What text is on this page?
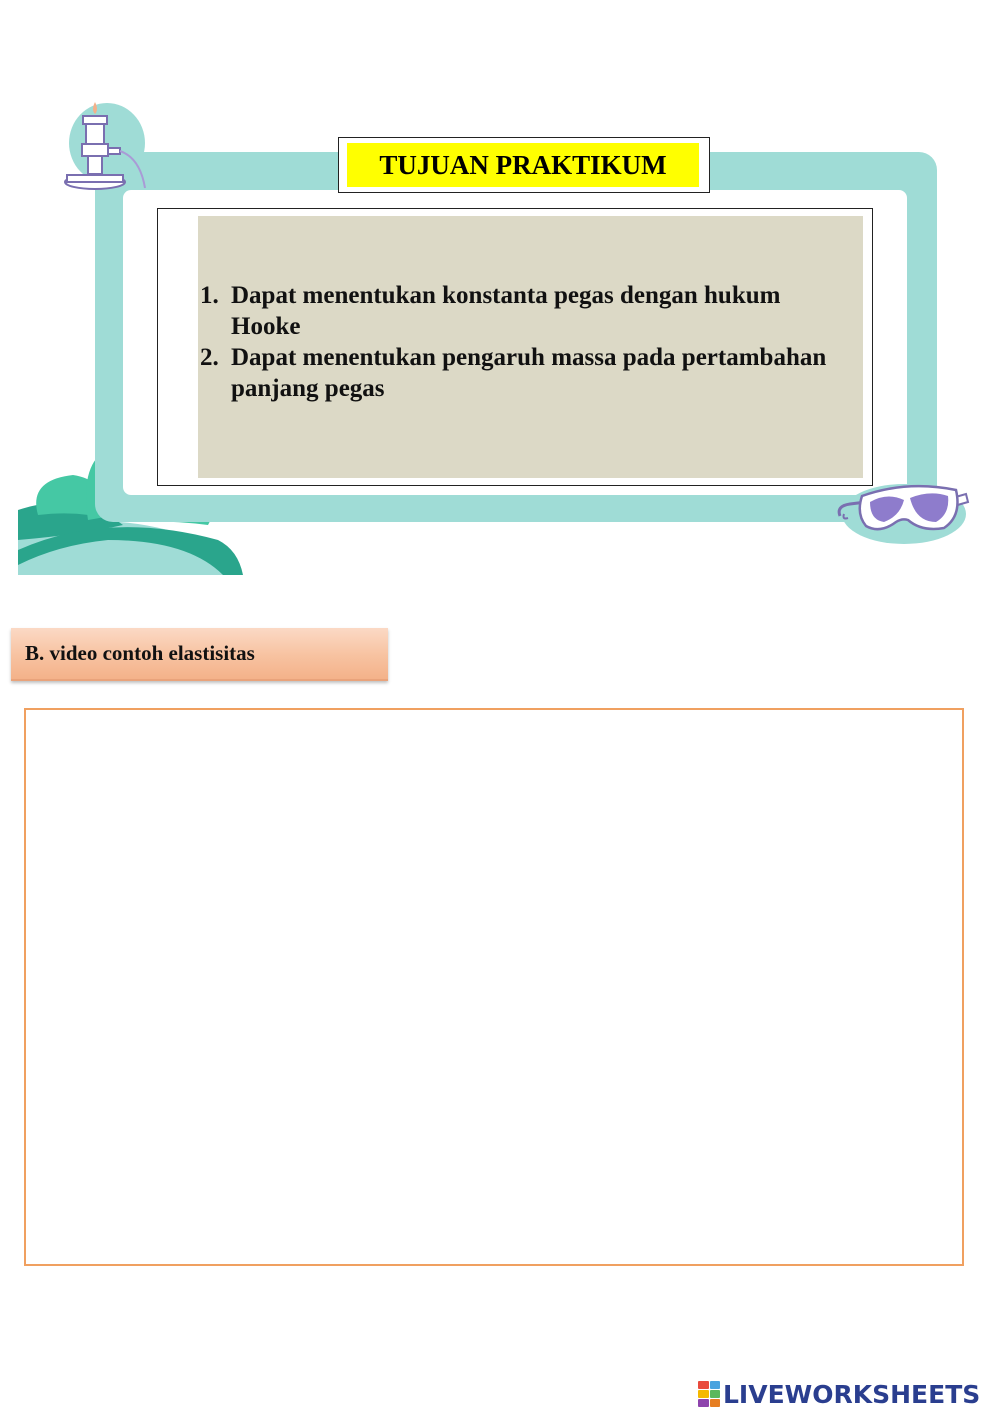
TUJUAN PRAKTIKUM
1. Dapat menentukan konstanta pegas dengan hukum Hooke
2. Dapat menentukan pengaruh massa pada pertambahan panjang pegas
B. video contoh elastisitas
LIVEWORKSHEETS
